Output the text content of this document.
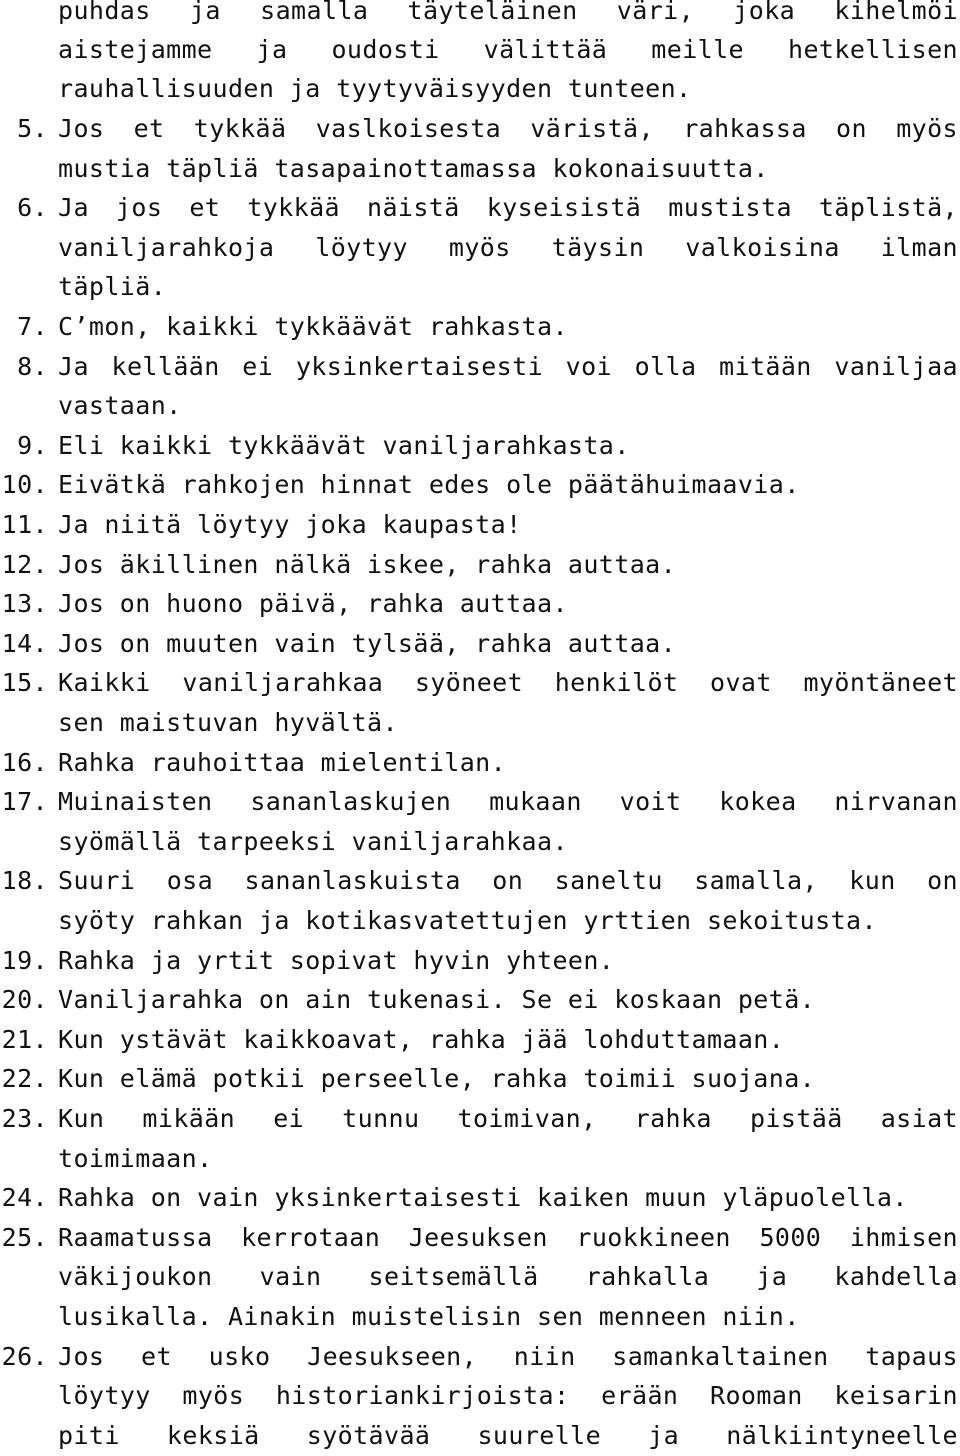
puhdas ja samalla täyteläinen väri, joka kihelmöi
aistejamme ja oudosti välittää meille hetkellisen
rauhallisuuden ja tyytyväisyyden tunteen.
5. Jos et tykkää vaslkoisesta väristä, rahkassa on myös
mustia täpliä tasapainottamassa kokonaisuutta.
6. Ja jos et tykkää näistä kyseisistä mustista täplistä,
vaniljarahkoja löytyy myös täysin valkoisina ilman
täpliä.
7. C’mon, kaikki tykkäävät rahkasta.
8. Ja kellään ei yksinkertaisesti voi olla mitään vaniljaa
vastaan.
9. Eli kaikki tykkäävät vaniljarahkasta.
10. Eivätkä rahkojen hinnat edes ole päätähuimaavia.
11. Ja niitä löytyy joka kaupasta!
12. Jos äkillinen nälkä iskee, rahka auttaa.
13. Jos on huono päivä, rahka auttaa.
14. Jos on muuten vain tylsää, rahka auttaa.
15. Kaikki vaniljarahkaa syöneet henkilöt ovat myöntäneet
sen maistuvan hyvältä.
16. Rahka rauhoittaa mielentilan.
17. Muinaisten sananlaskujen mukaan voit kokea nirvanan
syömällä tarpeeksi vaniljarahkaa.
18. Suuri osa sananlaskuista on saneltu samalla, kun on
syöty rahkan ja kotikasvatettujen yrttien sekoitusta.
19. Rahka ja yrtit sopivat hyvin yhteen.
20. Vaniljarahka on ain tukenasi. Se ei koskaan petä.
21. Kun ystävät kaikkoavat, rahka jää lohduttamaan.
22. Kun elämä potkii perseelle, rahka toimii suojana.
23. Kun mikään ei tunnu toimivan, rahka pistää asiat
toimimaan.
24. Rahka on vain yksinkertaisesti kaiken muun yläpuolella.
25. Raamatussa kerrotaan Jeesuksen ruokkineen 5000 ihmisen
väkijoukon vain seitsemällä rahkalla ja kahdella
lusikalla. Ainakin muistelisin sen menneen niin.
26. Jos et usko Jeesukseen, niin samankaltainen tapaus
löytyy myös historiankirjoista: erään Rooman keisarin
piti keksiä syötävää suurelle ja nälkiintyneelle
